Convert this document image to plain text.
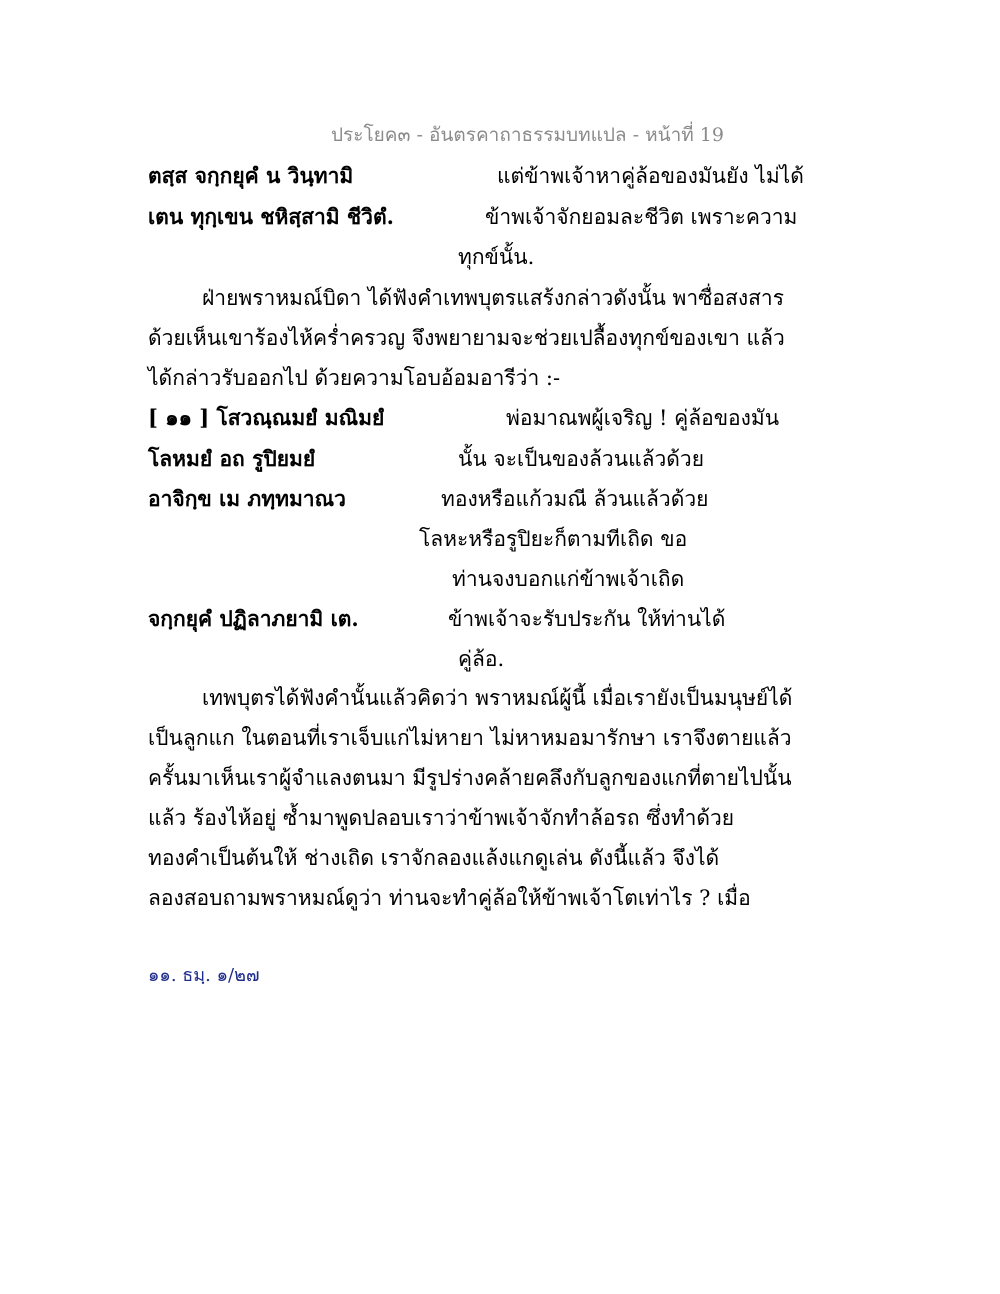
ประโยค๓ - อันตรคาถาธรรมบทแปล - หน้าที่ 19
ตสฺส จกฺกยุคํ น วินฺทามิ	แต่ข้าพเจ้าหาคู่ล้อของมันยัง ไม่ได้
เตน ทุกฺเขน ชหิสฺสามิ ชีวิตํ.	ข้าพเจ้าจักยอมละชีวิต เพราะความ
ทุกข์นั้น.
ฝ่ายพราหมณ์บิดา ได้ฟังคำเทพบุตรแสร้งกล่าวดังนั้น พาซื่อสงสาร
ด้วยเห็นเขาร้องไห้คร่ำครวญ จึงพยายามจะช่วยเปลื้องทุกข์ของเขา แล้ว
ได้กล่าวรับออกไป ด้วยความโอบอ้อมอารีว่า :-
[ ๑๑ ] โสวณฺณมยํ มณิมยํ	พ่อมาณพผู้เจริญ ! คู่ล้อของมัน
โลหมยํ อถ รูปิยมยํ	นั้น จะเป็นของล้วนแล้วด้วย
อาจิกฺข เม ภทฺทมาณว	ทองหรือแก้วมณี ล้วนแล้วด้วย
โลหะหรือรูปิยะก็ตามทีเถิด ขอ
ท่านจงบอกแก่ข้าพเจ้าเถิด
จกฺกยุคํ ปฏิลาภยามิ เต.	ข้าพเจ้าจะรับประกัน ให้ท่านได้
คู่ล้อ.
เทพบุตรได้ฟังคำนั้นแล้วคิดว่า พราหมณ์ผู้นี้ เมื่อเรายังเป็นมนุษย์ได้
เป็นลูกแก ในตอนที่เราเจ็บแก่ไม่หายา ไม่หาหมอมารักษา เราจึงตายแล้ว
ครั้นมาเห็นเราผู้จำแลงตนมา มีรูปร่างคล้ายคลึงกับลูกของแกที่ตายไปนั้น
แล้ว ร้องไห้อยู่ ซ้ำมาพูดปลอบเราว่าข้าพเจ้าจักทำล้อรถ ซึ่งทำด้วย
ทองคำเป็นต้นให้ ช่างเถิด เราจักลองแล้งแกดูเล่น ดังนี้แล้ว จึงได้
ลองสอบถามพราหมณ์ดูว่า ท่านจะทำคู่ล้อให้ข้าพเจ้าโตเท่าไร ? เมื่อ
๑๑. ธมฺ. ๑/๒๗
